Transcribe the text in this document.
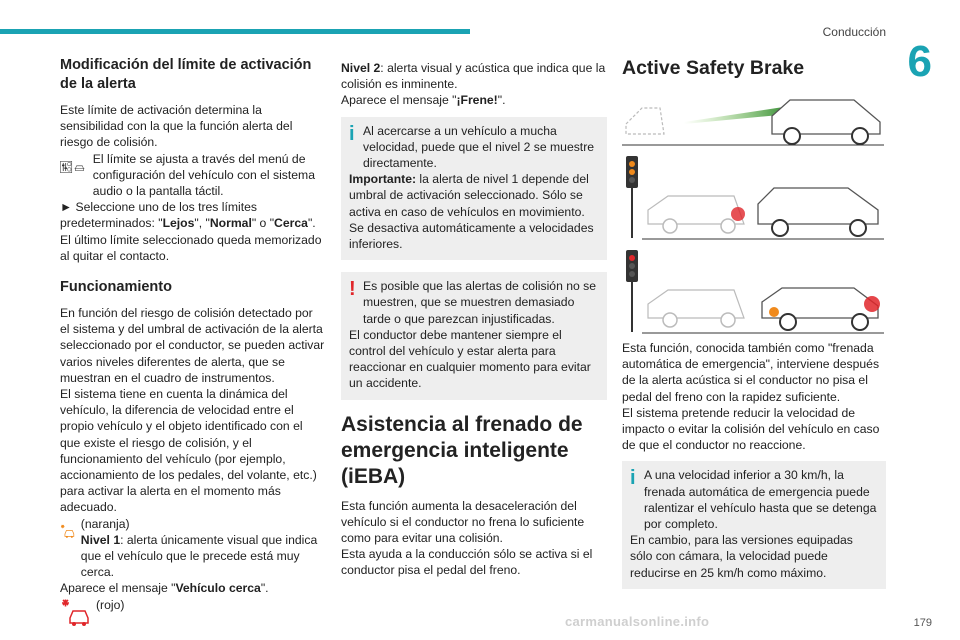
Conducción
6
Modificación del límite de activación de la alerta

Este límite de activación determina la sensibilidad con la que la función alerta del riesgo de colisión.

El límite se ajusta a través del menú de configuración del vehículo con el sistema audio o la pantalla táctil.

► Seleccione uno de los tres límites predeterminados: "Lejos", "Normal" o "Cerca".

El último límite seleccionado queda memorizado al quitar el contacto.

Funcionamiento

En función del riesgo de colisión detectado por el sistema y del umbral de activación de la alerta seleccionado por el conductor, se pueden activar varios niveles diferentes de alerta, que se muestran en el cuadro de instrumentos.

El sistema tiene en cuenta la dinámica del vehículo, la diferencia de velocidad entre el propio vehículo y el objeto identificado con el que existe el riesgo de colisión, y el funcionamiento del vehículo (por ejemplo, accionamiento de los pedales, del volante, etc.) para activar la alerta en el momento más adecuado.

(naranja)

Nivel 1: alerta únicamente visual que indica que el vehículo que le precede está muy cerca.

Aparece el mensaje "Vehículo cerca".

(rojo)

Nivel 2: alerta visual y acústica que indica que la colisión es inminente.

Aparece el mensaje "¡Frene!".

i Al acercarse a un vehículo a mucha velocidad, puede que el nivel 2 se muestre directamente.

Importante: la alerta de nivel 1 depende del umbral de activación seleccionado. Sólo se activa en caso de vehículos en movimiento.

Se desactiva automáticamente a velocidades inferiores.

! Es posible que las alertas de colisión no se muestren, que se muestren demasiado tarde o que parezcan injustificadas.

El conductor debe mantener siempre el control del vehículo y estar alerta para reaccionar en cualquier momento para evitar un accidente.

Asistencia al frenado de emergencia inteligente (iEBA)

Esta función aumenta la desaceleración del vehículo si el conductor no frena lo suficiente como para evitar una colisión.

Esta ayuda a la conducción sólo se activa si el conductor pisa el pedal del freno.

Active Safety Brake

Esta función, conocida también como "frenada automática de emergencia", interviene después de la alerta acústica si el conductor no pisa el pedal del freno con la rapidez suficiente.

El sistema pretende reducir la velocidad de impacto o evitar la colisión del vehículo en caso de que el conductor no reaccione.

i A una velocidad inferior a 30 km/h, la frenada automática de emergencia puede ralentizar el vehículo hasta que se detenga por completo.

En cambio, para las versiones equipadas sólo con cámara, la velocidad puede reducirse en 25 km/h como máximo.

carmanualsonline.info	179
